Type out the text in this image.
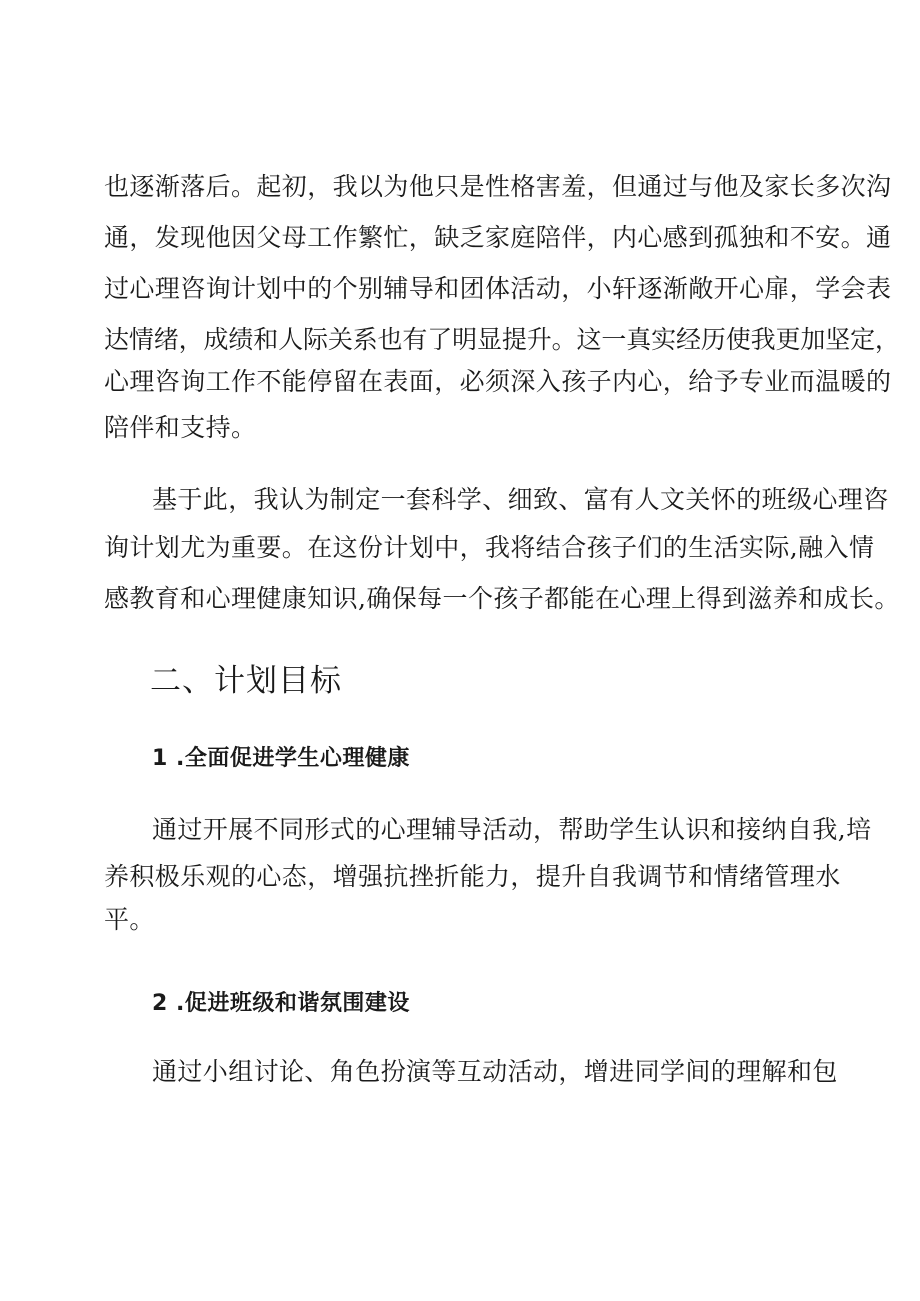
也逐渐落后。起初，我以为他只是性格害羞，但通过与他及家长多次沟
通，发现他因父母工作繁忙，缺乏家庭陪伴，内心感到孤独和不安。通
过心理咨询计划中的个别辅导和团体活动，小轩逐渐敞开心扉，学会表
达情绪，成绩和人际关系也有了明显提升。这一真实经历使我更加坚定，
心理咨询工作不能停留在表面，必须深入孩子内心，给予专业而温暖的
陪伴和支持。
基于此，我认为制定一套科学、细致、富有人文关怀的班级心理咨
询计划尤为重要。在这份计划中，我将结合孩子们的生活实际,融入情
感教育和心理健康知识,确保每一个孩子都能在心理上得到滋养和成长。
二、计划目标
1 .全面促进学生心理健康
通过开展不同形式的心理辅导活动，帮助学生认识和接纳自我,培
养积极乐观的心态，增强抗挫折能力，提升自我调节和情绪管理水
平。
2 .促进班级和谐氛围建设
通过小组讨论、角色扮演等互动活动，增进同学间的理解和包
